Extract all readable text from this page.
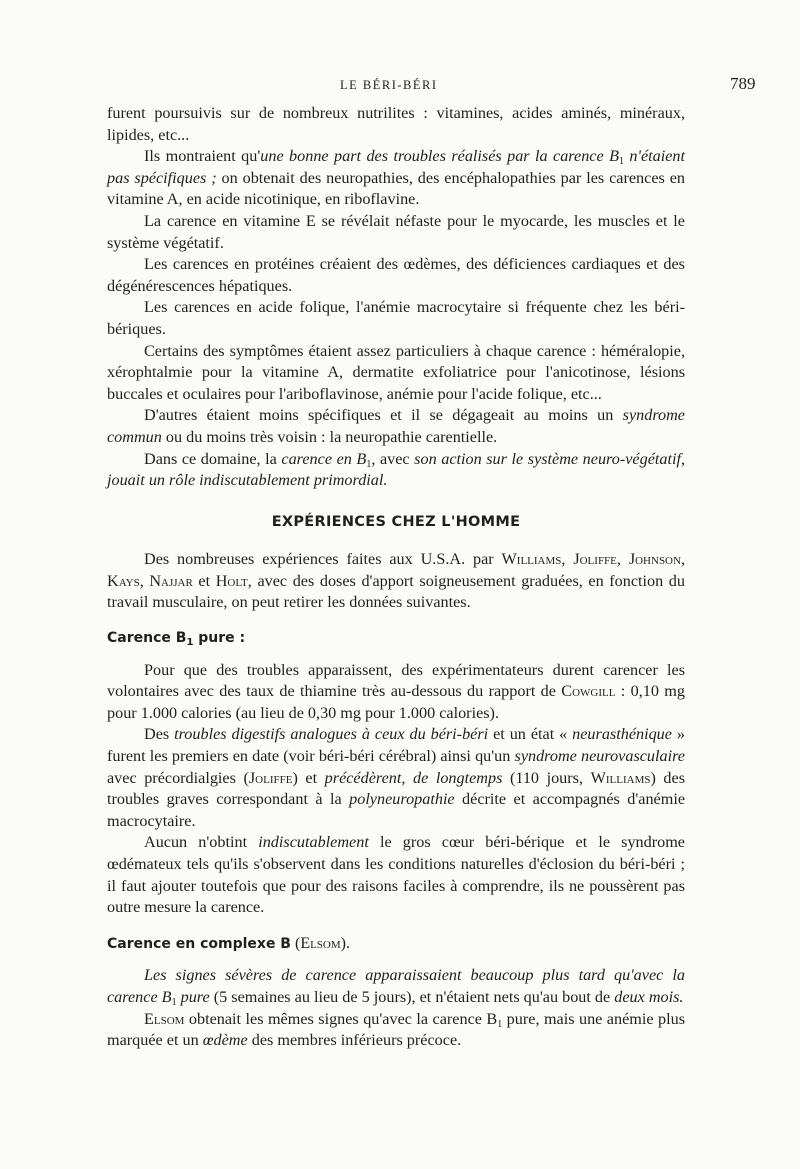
LE BÉRI-BÉRI	789

furent poursuivis sur de nombreux nutrilites : vitamines, acides aminés, minéraux, lipides, etc...

Ils montraient qu'une bonne part des troubles réalisés par la carence $B_1$ n'étaient pas spécifiques ; on obtenait des neuropathies, des encéphalopathies par les carences en vitamine A, en acide nicotinique, en riboflavine.

La carence en vitamine E se révélait néfaste pour le myocarde, les muscles et le système végétatif.

Les carences en protéines créaient des œdèmes, des déficiences cardiaques et des dégénérescences hépatiques.

Les carences en acide folique, l'anémie macrocytaire si fréquente chez les béri-bériques.

Certains des symptômes étaient assez particuliers à chaque carence : héméralopie, xérophtalmie pour la vitamine A, dermatite exfoliatrice pour l'anicotinose, lésions buccales et oculaires pour l'ariboflavinose, anémie pour l'acide folique, etc...

D'autres étaient moins spécifiques et il se dégageait au moins un syndrome commun ou du moins très voisin : la neuropathie carentielle.

Dans ce domaine, la carence en $B_1$, avec son action sur le système neuro-végétatif, jouait un rôle indiscutablement primordial.

EXPÉRIENCES CHEZ L'HOMME

Des nombreuses expériences faites aux U.S.A. par Williams, Joliffe, Johnson, Kays, Najjar et Holt, avec des doses d'apport soigneusement graduées, en fonction du travail musculaire, on peut retirer les données suivantes.

Carence $B_1$ pure :

Pour que des troubles apparaissent, des expérimentateurs durent carencer les volontaires avec des taux de thiamine très au-dessous du rapport de Cowgill : 0,10 mg pour 1.000 calories (au lieu de 0,30 mg pour 1.000 calories).

Des troubles digestifs analogues à ceux du béri-béri et un état « neurasthénique » furent les premiers en date (voir béri-béri cérébral) ainsi qu'un syndrome neurovasculaire avec précordialgies (Joliffe) et précédèrent, de longtemps (110 jours, Williams) des troubles graves correspondant à la polyneuropathie décrite et accompagnés d'anémie macrocytaire.

Aucun n'obtint indiscutablement le gros cœur béri-bérique et le syndrome œdémateux tels qu'ils s'observent dans les conditions naturelles d'éclosion du béri-béri ; il faut ajouter toutefois que pour des raisons faciles à comprendre, ils ne poussèrent pas outre mesure la carence.

Carence en complexe B (Elsom).

Les signes sévères de carence apparaissaient beaucoup plus tard qu'avec la carence $B_1$ pure (5 semaines au lieu de 5 jours), et n'étaient nets qu'au bout de deux mois.

Elsom obtenait les mêmes signes qu'avec la carence $B_1$ pure, mais une anémie plus marquée et un œdème des membres inférieurs précoce.
